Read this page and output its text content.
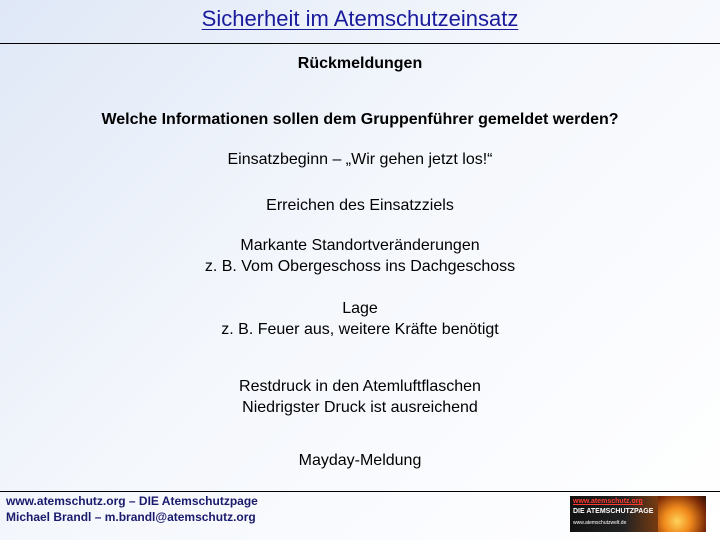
Sicherheit im Atemschutzeinsatz
Rückmeldungen
Welche Informationen sollen dem Gruppenführer gemeldet werden?
Einsatzbeginn – „Wir gehen jetzt los!“
Erreichen des Einsatzziels
Markante Standortveränderungen
z. B. Vom Obergeschoss ins Dachgeschoss
Lage
z. B. Feuer aus, weitere Kräfte benötigt
Restdruck in den Atemluftflaschen
Niedrigster Druck ist ausreichend
Mayday-Meldung
www.atemschutz.org – DIE Atemschutzpage
Michael Brandl – m.brandl@atemschutz.org
www.atemschutz.org
DIE ATEMSCHUTZPAGE
www.atemschutzwelt.de
